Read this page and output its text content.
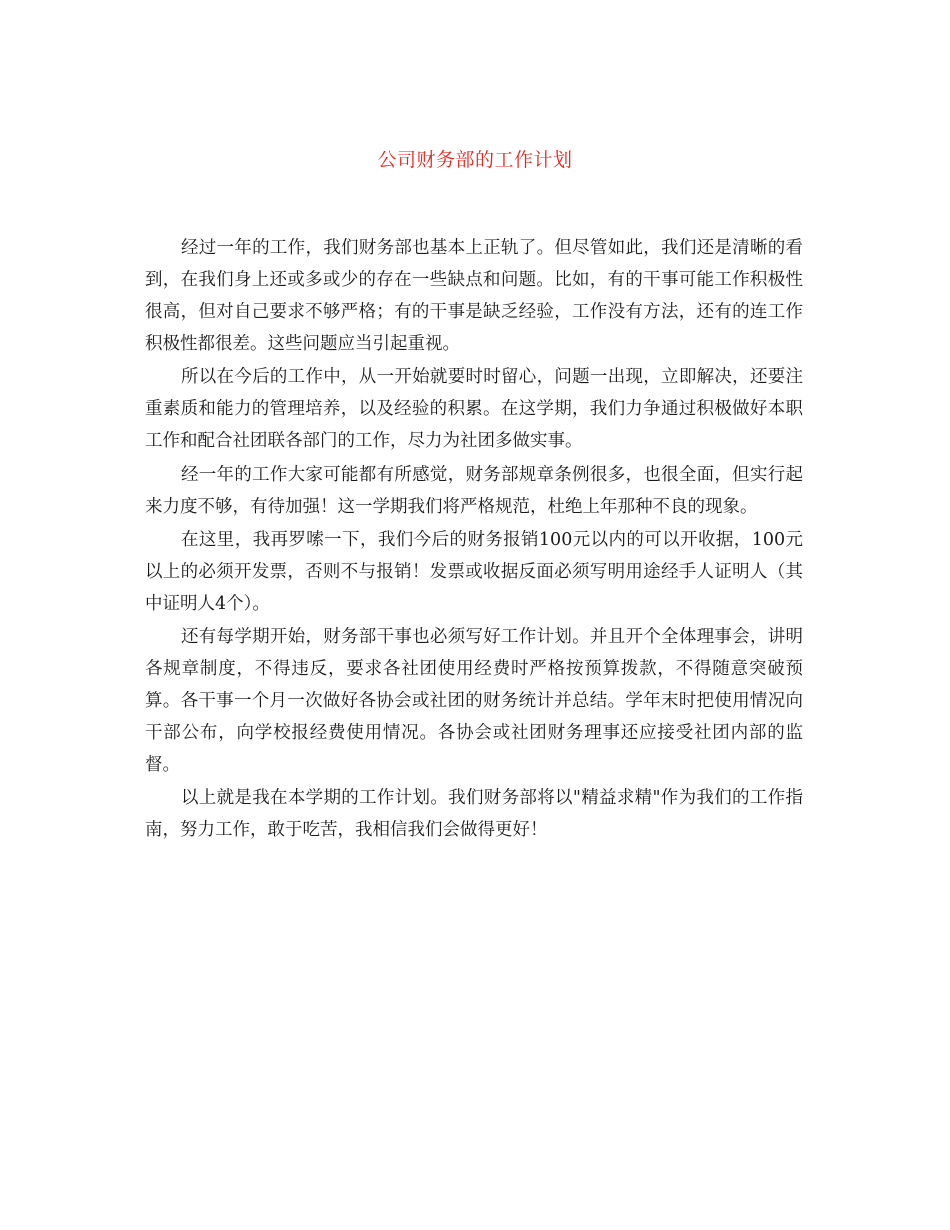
公司财务部的工作计划

经过一年的工作，我们财务部也基本上正轨了。但尽管如此，我们还是清晰的看到，在我们身上还或多或少的存在一些缺点和问题。比如，有的干事可能工作积极性很高，但对自己要求不够严格；有的干事是缺乏经验，工作没有方法，还有的连工作积极性都很差。这些问题应当引起重视。

所以在今后的工作中，从一开始就要时时留心，问题一出现，立即解决，还要注重素质和能力的管理培养，以及经验的积累。在这学期，我们力争通过积极做好本职工作和配合社团联各部门的工作，尽力为社团多做实事。

经一年的工作大家可能都有所感觉，财务部规章条例很多，也很全面，但实行起来力度不够，有待加强！这一学期我们将严格规范，杜绝上年那种不良的现象。

在这里，我再罗嗦一下，我们今后的财务报销100元以内的可以开收据，100元以上的必须开发票，否则不与报销！发票或收据反面必须写明用途经手人证明人（其中证明人4个）。

还有每学期开始，财务部干事也必须写好工作计划。并且开个全体理事会，讲明各规章制度，不得违反，要求各社团使用经费时严格按预算拨款，不得随意突破预算。各干事一个月一次做好各协会或社团的财务统计并总结。学年末时把使用情况向干部公布，向学校报经费使用情况。各协会或社团财务理事还应接受社团内部的监督。

以上就是我在本学期的工作计划。我们财务部将以"精益求精"作为我们的工作指南，努力工作，敢于吃苦，我相信我们会做得更好！
